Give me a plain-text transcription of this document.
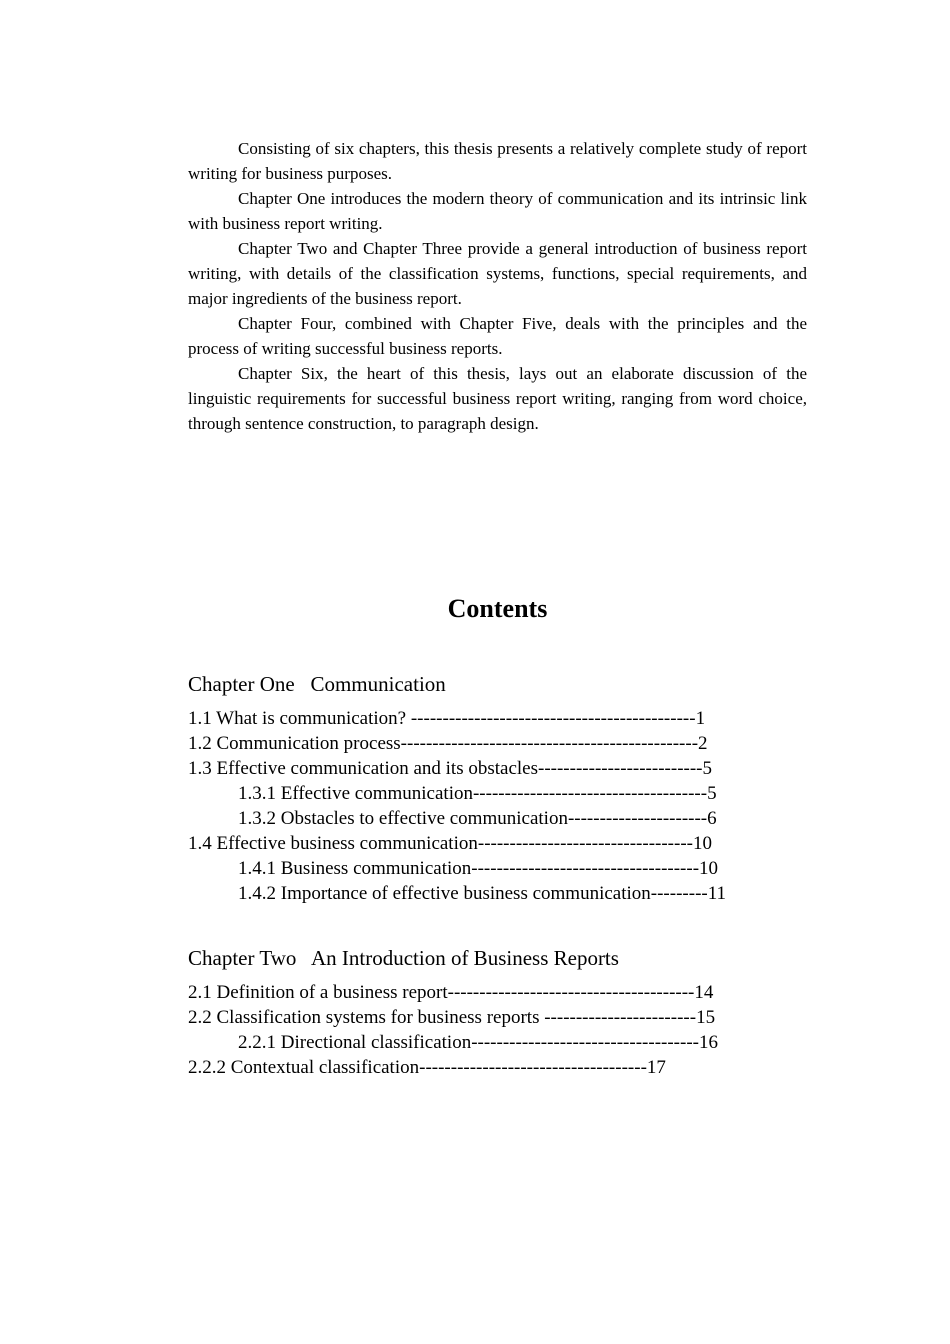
Consisting of six chapters, this thesis presents a relatively complete study of report writing for business purposes.

Chapter One introduces the modern theory of communication and its intrinsic link with business report writing.

Chapter Two and Chapter Three provide a general introduction of business report writing, with details of the classification systems, functions, special requirements, and major ingredients of the business report.

Chapter Four, combined with Chapter Five, deals with the principles and the process of writing successful business reports.

Chapter Six, the heart of this thesis, lays out an elaborate discussion of the linguistic requirements for successful business report writing, ranging from word choice, through sentence construction, to paragraph design.

Contents

Chapter One   Communication

1.1 What is communication? ---------------------------------------------1

1.2 Communication process-----------------------------------------------2

1.3 Effective communication and its obstacles--------------------------5

1.3.1 Effective communication-------------------------------------5

1.3.2 Obstacles to effective communication----------------------6

1.4 Effective business communication----------------------------------10

1.4.1 Business communication------------------------------------10

1.4.2 Importance of effective business communication---------11

Chapter Two   An Introduction of Business Reports

2.1 Definition of a business report---------------------------------------14

2.2 Classification systems for business reports ------------------------15

2.2.1 Directional classification------------------------------------16

2.2.2 Contextual classification------------------------------------17
